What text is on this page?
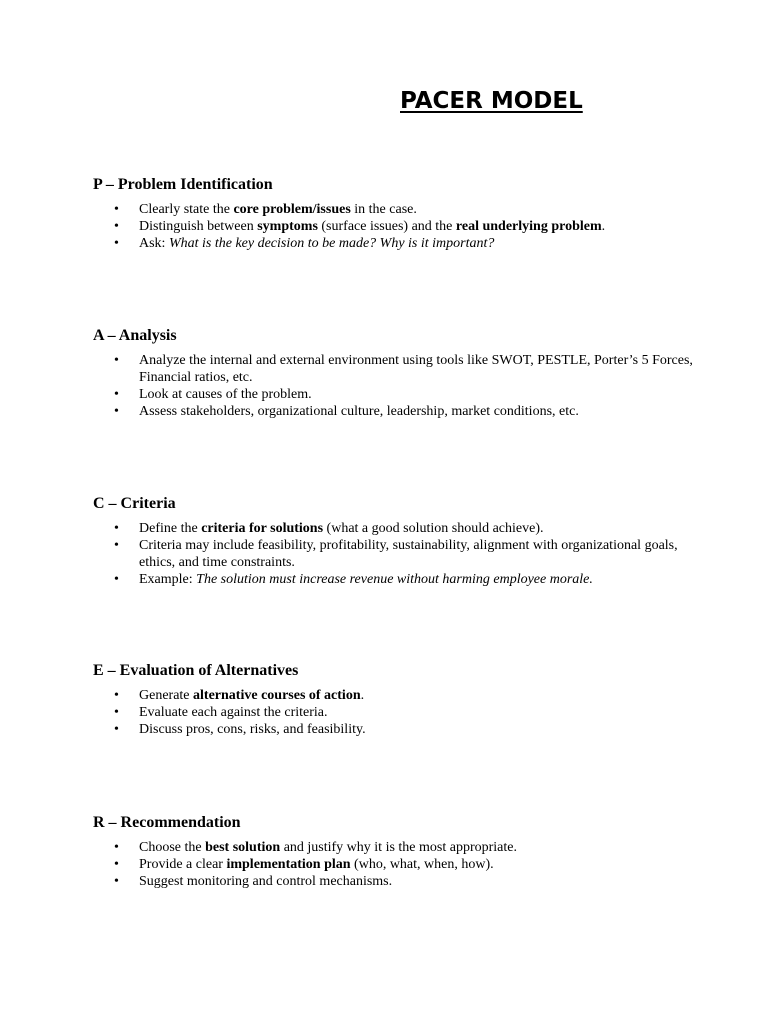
PACER MODEL
P – Problem Identification
• Clearly state the core problem/issues in the case.
• Distinguish between symptoms (surface issues) and the real underlying problem.
• Ask: What is the key decision to be made? Why is it important?
A – Analysis
• Analyze the internal and external environment using tools like SWOT, PESTLE, Porter’s 5 Forces, Financial ratios, etc.
• Look at causes of the problem.
• Assess stakeholders, organizational culture, leadership, market conditions, etc.
C – Criteria
• Define the criteria for solutions (what a good solution should achieve).
• Criteria may include feasibility, profitability, sustainability, alignment with organizational goals, ethics, and time constraints.
• Example: The solution must increase revenue without harming employee morale.
E – Evaluation of Alternatives
• Generate alternative courses of action.
• Evaluate each against the criteria.
• Discuss pros, cons, risks, and feasibility.
R – Recommendation
• Choose the best solution and justify why it is the most appropriate.
• Provide a clear implementation plan (who, what, when, how).
• Suggest monitoring and control mechanisms.
